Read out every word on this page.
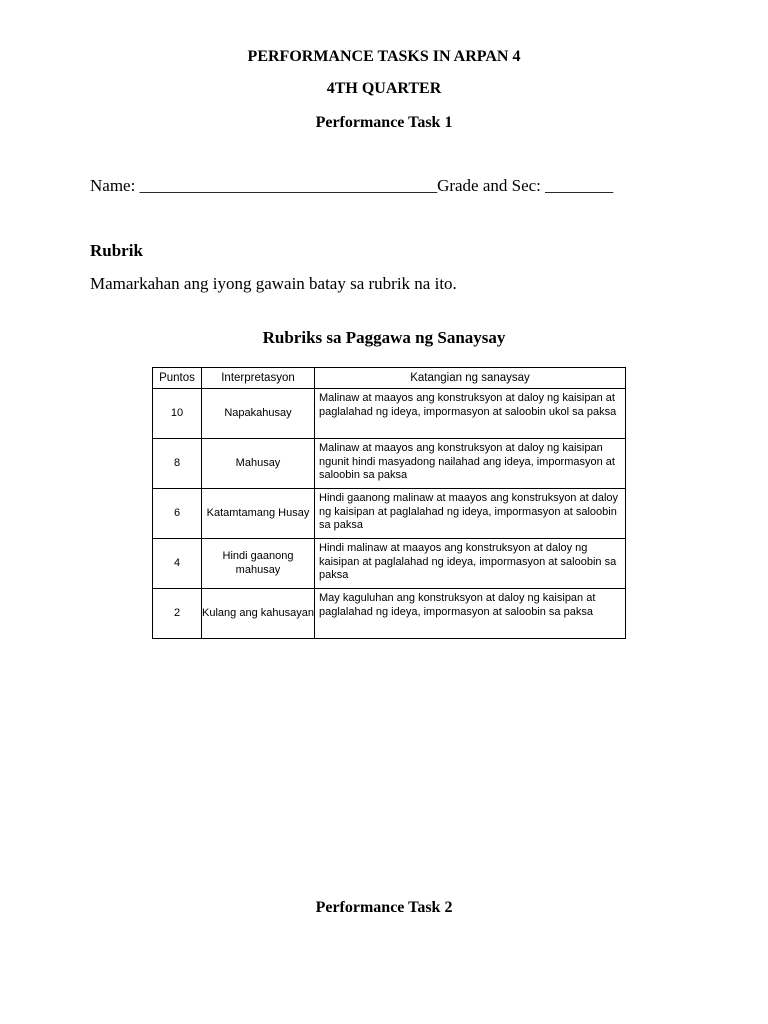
PERFORMANCE TASKS IN ARPAN 4
4TH QUARTER
Performance Task 1
Name: ___________________________________Grade and Sec: ________
Rubrik
Mamarkahan ang iyong gawain batay sa rubrik na ito.
Rubriks sa Paggawa ng Sanaysay
Puntos	Interpretasyon	Katangian ng sanaysay
10	Napakahusay	Malinaw at maayos ang konstruksyon at daloy ng kaisipan at paglalahad ng ideya, impormasyon at saloobin ukol sa paksa
8	Mahusay	Malinaw at maayos ang konstruksyon at daloy ng kaisipan ngunit hindi masyadong nailahad ang ideya, impormasyon at saloobin sa paksa
6	Katamtamang Husay	Hindi gaanong malinaw at maayos ang konstruksyon at daloy ng kaisipan at paglalahad ng ideya, impormasyon at saloobin sa paksa
4	Hindi gaanong mahusay	Hindi malinaw at maayos ang konstruksyon at daloy ng kaisipan at paglalahad ng ideya, impormasyon at saloobin sa paksa
2	Kulang ang kahusayan	May kaguluhan ang konstruksyon at daloy ng kaisipan at paglalahad ng ideya, impormasyon at saloobin sa paksa
Performance Task 2
